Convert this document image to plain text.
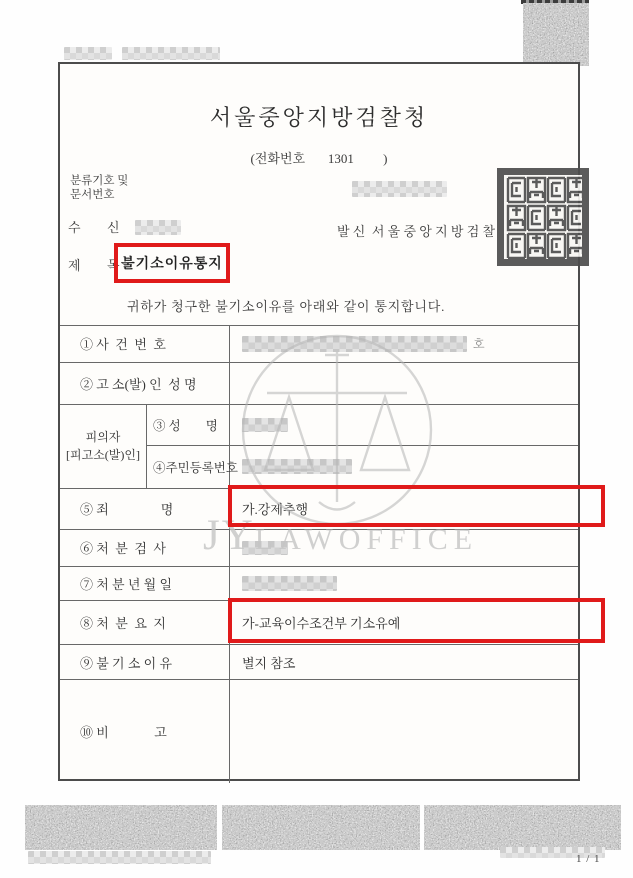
서울중앙지방검찰청
(전화번호       1301         )
분류기호 및
문서번호
수      신	발 신  서 울 중 앙 지 방 검 찰
제      목 불기소이유통지
귀하가 청구한 불기소이유를 아래와 같이 통지합니다.
JY LAWOFFICE
① 사  건  번  호	호
② 고 소(발) 인  성 명
피의자
[피고소(발)인]
③ 성        명
④주민등록번호
⑤ 죄                명	가.강제추행
⑥ 처  분  검  사
⑦ 처 분 년 월 일
⑧ 처  분  요  지	가-교육이수조건부 기소유예
⑨ 불 기 소 이 유	별지 참조
⑩ 비              고
1 / 1
